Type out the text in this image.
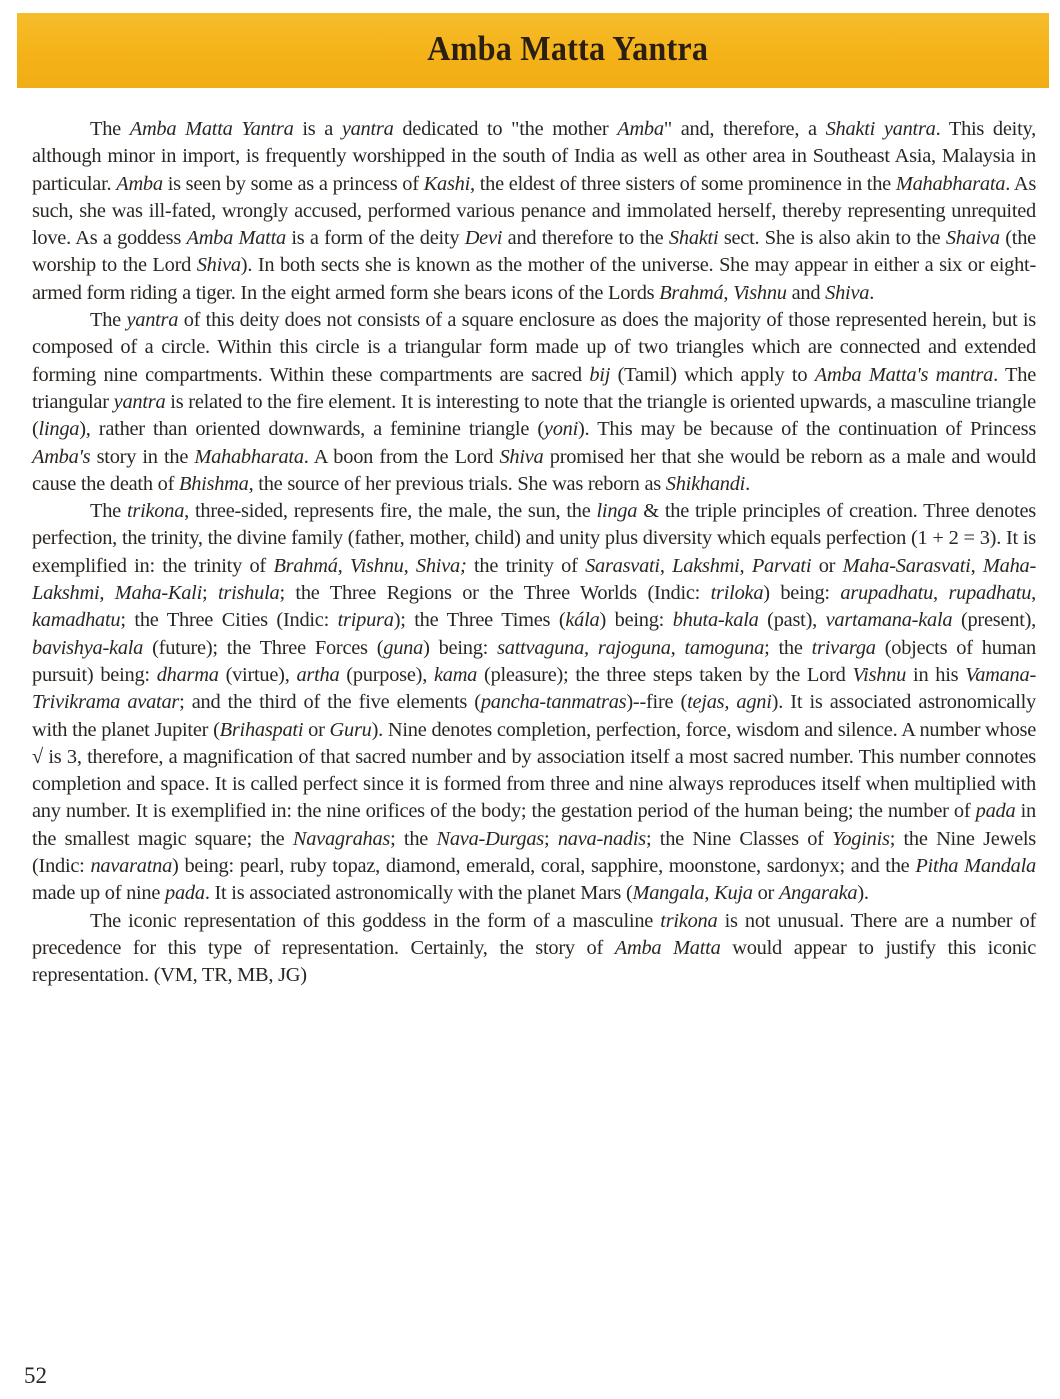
Amba Matta Yantra

The Amba Matta Yantra is a yantra dedicated to "the mother Amba" and, therefore, a Shakti yantra. This deity, although minor in import, is frequently worshipped in the south of India as well as other area in Southeast Asia, Malaysia in particular. Amba is seen by some as a princess of Kashi, the eldest of three sisters of some prominence in the Mahabharata. As such, she was ill-fated, wrongly accused, performed various penance and immolated herself, thereby representing unrequited love. As a goddess Amba Matta is a form of the deity Devi and therefore to the Shakti sect. She is also akin to the Shaiva (the worship to the Lord Shiva). In both sects she is known as the mother of the universe. She may appear in either a six or eight-armed form riding a tiger. In the eight armed form she bears icons of the Lords Brahmá, Vishnu and Shiva.

The yantra of this deity does not consists of a square enclosure as does the majority of those represented herein, but is composed of a circle. Within this circle is a triangular form made up of two triangles which are connected and extended forming nine compartments. Within these compartments are sacred bij (Tamil) which apply to Amba Matta's mantra. The triangular yantra is related to the fire element. It is interesting to note that the triangle is oriented upwards, a masculine triangle (linga), rather than oriented downwards, a feminine triangle (yoni). This may be because of the continuation of Princess Amba's story in the Mahabharata. A boon from the Lord Shiva promised her that she would be reborn as a male and would cause the death of Bhishma, the source of her previous trials. She was reborn as Shikhandi.

The trikona, three-sided, represents fire, the male, the sun, the linga & the triple principles of creation. Three denotes perfection, the trinity, the divine family (father, mother, child) and unity plus diversity which equals perfection (1 + 2 = 3). It is exemplified in: the trinity of Brahmá, Vishnu, Shiva; the trinity of Sarasvati, Lakshmi, Parvati or Maha-Sarasvati, Maha-Lakshmi, Maha-Kali; trishula; the Three Regions or the Three Worlds (Indic: triloka) being: arupadhatu, rupadhatu, kamadhatu; the Three Cities (Indic: tripura); the Three Times (kála) being: bhuta-kala (past), vartamana-kala (present), bavishya-kala (future); the Three Forces (guna) being: sattvaguna, rajoguna, tamoguna; the trivarga (objects of human pursuit) being: dharma (virtue), artha (purpose), kama (pleasure); the three steps taken by the Lord Vishnu in his Vamana-Trivikrama avatar; and the third of the five elements (pancha-tanmatras)--fire (tejas, agni). It is associated astronomically with the planet Jupiter (Brihaspati or Guru). Nine denotes completion, perfection, force, wisdom and silence. A number whose √ is 3, therefore, a magnification of that sacred number and by association itself a most sacred number. This number connotes completion and space. It is called perfect since it is formed from three and nine always reproduces itself when multiplied with any number. It is exemplified in: the nine orifices of the body; the gestation period of the human being; the number of pada in the smallest magic square; the Navagrahas; the Nava-Durgas; nava-nadis; the Nine Classes of Yoginis; the Nine Jewels (Indic: navaratna) being: pearl, ruby topaz, diamond, emerald, coral, sapphire, moonstone, sardonyx; and the Pitha Mandala made up of nine pada. It is associated astronomically with the planet Mars (Mangala, Kuja or Angaraka).

The iconic representation of this goddess in the form of a masculine trikona is not unusual. There are a number of precedence for this type of representation. Certainly, the story of Amba Matta would appear to justify this iconic representation. (VM, TR, MB, JG)

52
